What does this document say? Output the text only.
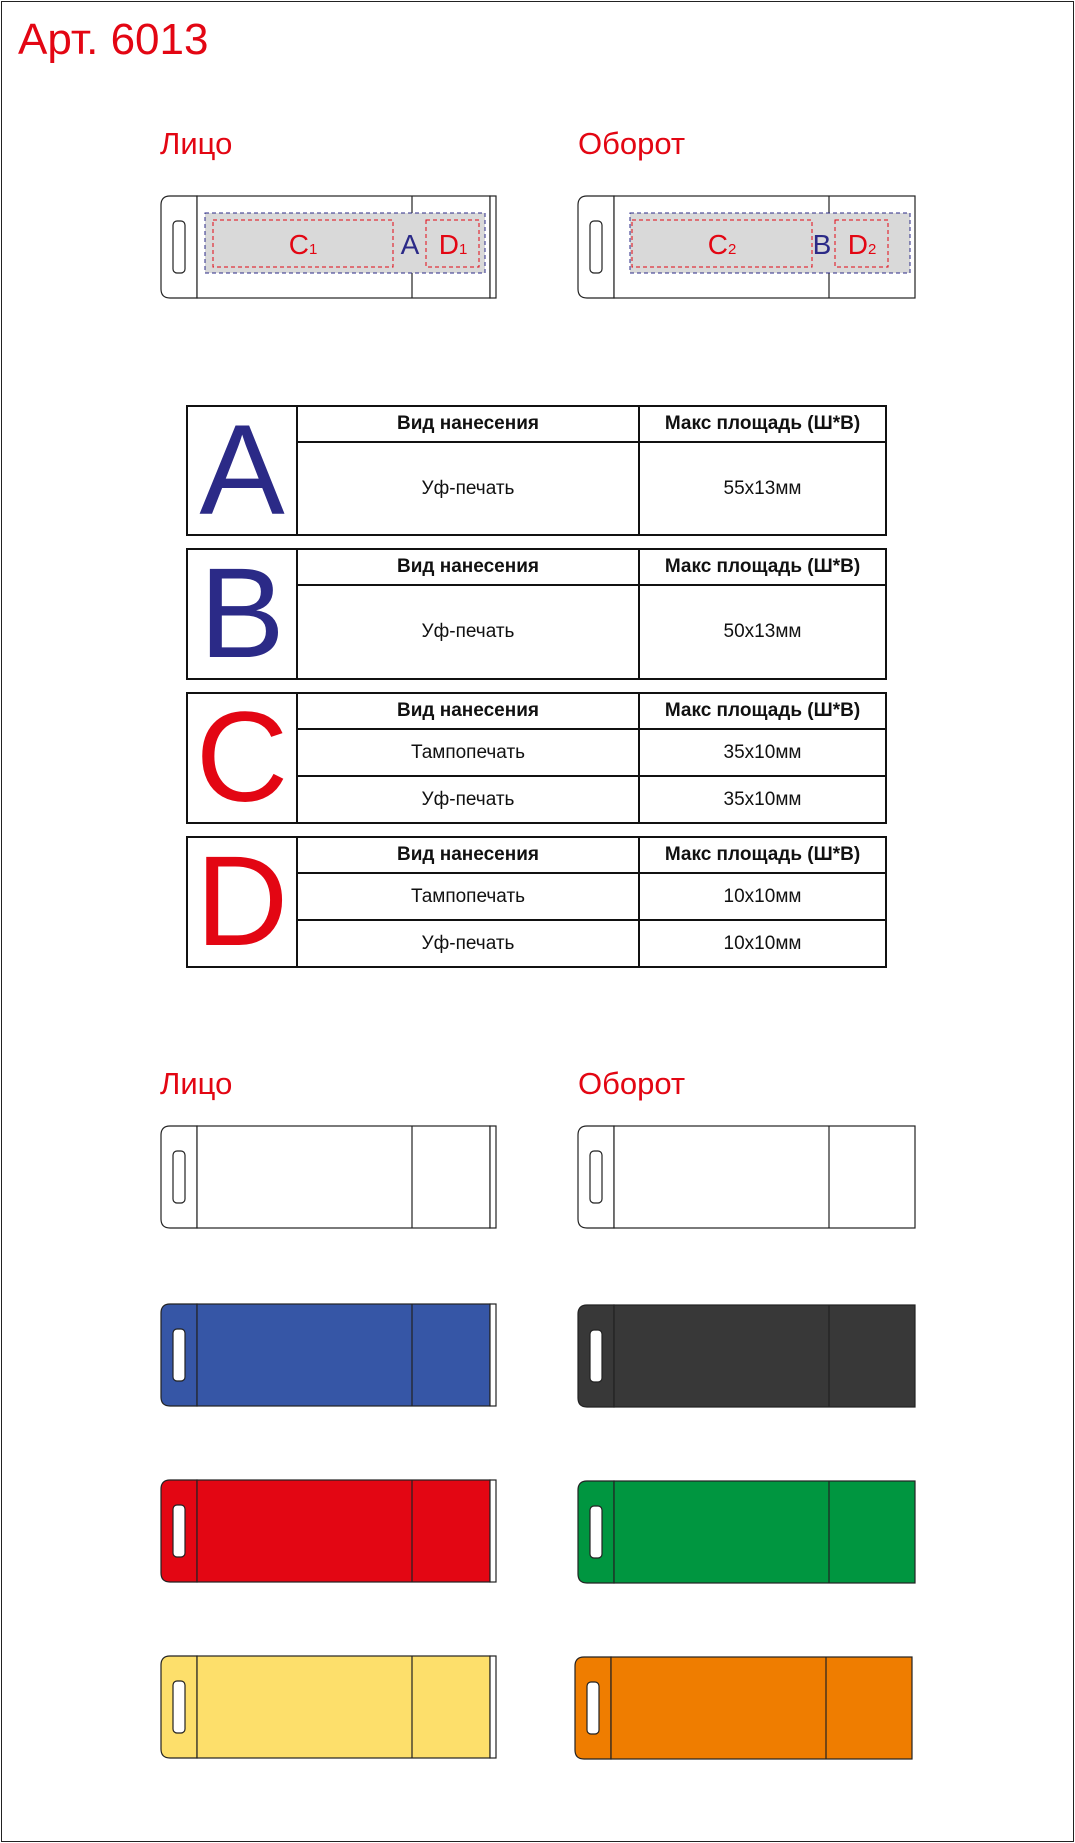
Арт. 6013
Лицо	Оборот
C1	A D1	C2	B D2
A	Вид нанесения	Макс площадь (Ш*В)
Уф-печать	55x13мм
B	Вид нанесения	Макс площадь (Ш*В)
Уф-печать	50x13мм
C	Вид нанесения	Макс площадь (Ш*В)
Тампопечать	35x10мм
Уф-печать	35x10мм
D	Вид нанесения	Макс площадь (Ш*В)
Тампопечать	10x10мм
Уф-печать	10x10мм
Лицо	Оборот
